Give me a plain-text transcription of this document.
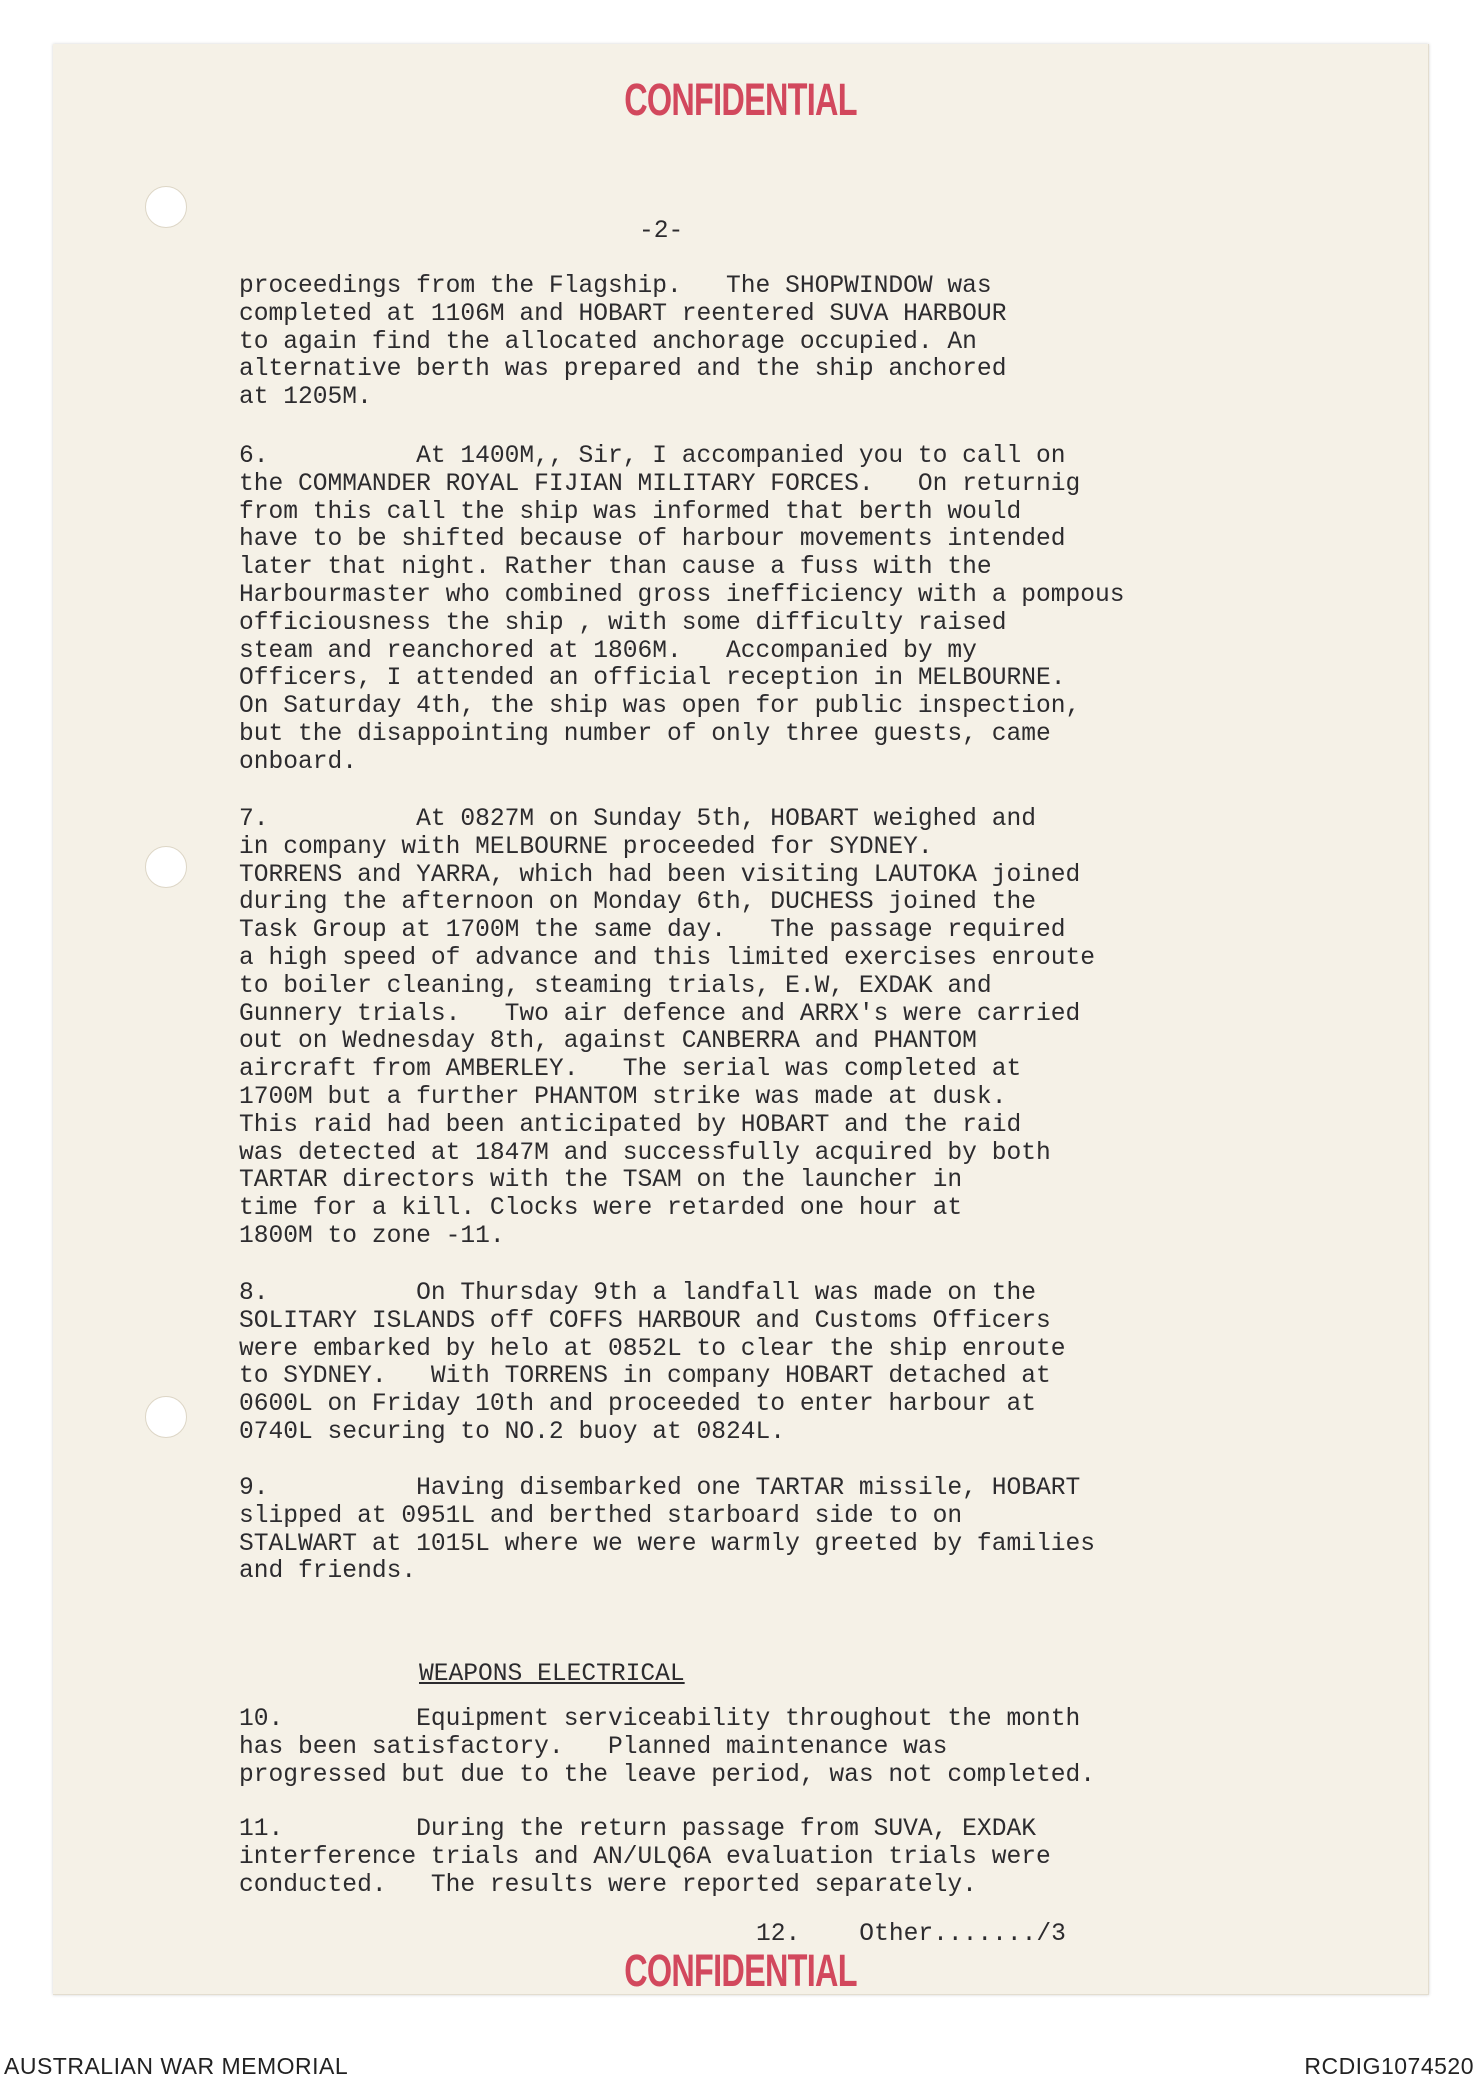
CONFIDENTIAL
-2-
proceedings from the Flagship.   The SHOPWINDOW was
completed at 1106M and HOBART reentered SUVA HARBOUR
to again find the allocated anchorage occupied. An
alternative berth was prepared and the ship anchored
at 1205M.
6.          At 1400M,, Sir, I accompanied you to call on
the COMMANDER ROYAL FIJIAN MILITARY FORCES.   On returnig
from this call the ship was informed that berth would
have to be shifted because of harbour movements intended
later that night. Rather than cause a fuss with the
Harbourmaster who combined gross inefficiency with a pompous
officiousness the ship , with some difficulty raised
steam and reanchored at 1806M.   Accompanied by my
Officers, I attended an official reception in MELBOURNE.
On Saturday 4th, the ship was open for public inspection,
but the disappointing number of only three guests, came
onboard.
7.          At 0827M on Sunday 5th, HOBART weighed and
in company with MELBOURNE proceeded for SYDNEY.
TORRENS and YARRA, which had been visiting LAUTOKA joined
during the afternoon on Monday 6th, DUCHESS joined the
Task Group at 1700M the same day.   The passage required
a high speed of advance and this limited exercises enroute
to boiler cleaning, steaming trials, E.W, EXDAK and
Gunnery trials.   Two air defence and ARRX's were carried
out on Wednesday 8th, against CANBERRA and PHANTOM
aircraft from AMBERLEY.   The serial was completed at
1700M but a further PHANTOM strike was made at dusk.
This raid had been anticipated by HOBART and the raid
was detected at 1847M and successfully acquired by both
TARTAR directors with the TSAM on the launcher in
time for a kill. Clocks were retarded one hour at
1800M to zone -11.
8.          On Thursday 9th a landfall was made on the
SOLITARY ISLANDS off COFFS HARBOUR and Customs Officers
were embarked by helo at 0852L to clear the ship enroute
to SYDNEY.   With TORRENS in company HOBART detached at
0600L on Friday 10th and proceeded to enter harbour at
0740L securing to NO.2 buoy at 0824L.
9.          Having disembarked one TARTAR missile, HOBART
slipped at 0951L and berthed starboard side to on
STALWART at 1015L where we were warmly greeted by families
and friends.
WEAPONS ELECTRICAL
10.         Equipment serviceability throughout the month
has been satisfactory.   Planned maintenance was
progressed but due to the leave period, was not completed.
11.         During the return passage from SUVA, EXDAK
interference trials and AN/ULQ6A evaluation trials were
conducted.   The results were reported separately.
12.    Other......./3
CONFIDENTIAL
AUSTRALIAN WAR MEMORIAL	RCDIG1074520
